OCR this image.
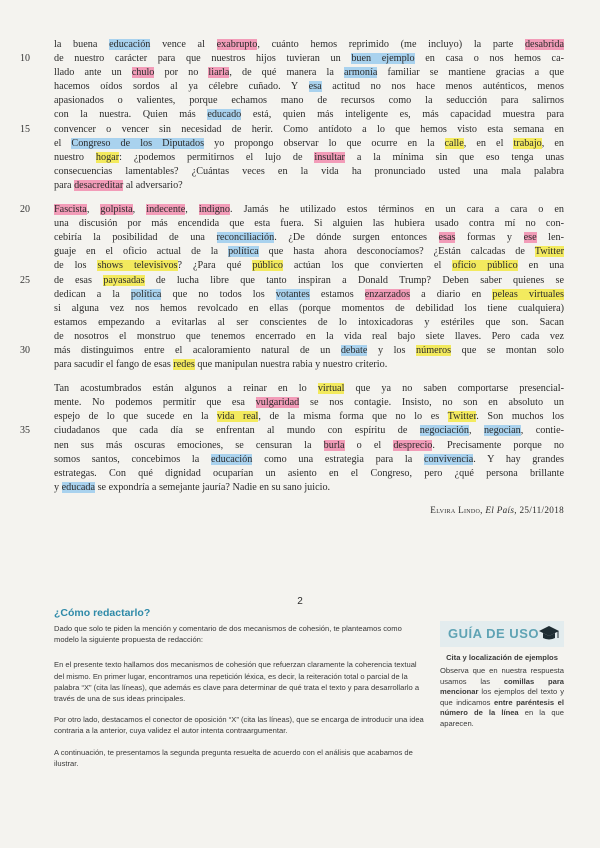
la buena educación vence al exabrupto, cuánto hemos reprimido (me incluyo) la parte desabrida
10	de nuestro carácter para que nuestros hijos tuvieran un buen ejemplo en casa o nos hemos ca-
llado ante un chulo por no liarla, de qué manera la armonía familiar se mantiene gracias a que
hacemos oídos sordos al ya célebre cuñado. Y esa actitud no nos hace menos auténticos, menos
apasionados o valientes, porque echamos mano de recursos como la seducción para salirnos
con la nuestra. Quien más educado está, quien más inteligente es, más capacidad muestra para
15	convencer o vencer sin necesidad de herir. Como antídoto a lo que hemos visto esta semana en
el Congreso de los Diputados yo propongo observar lo que ocurre en la calle, en el trabajo, en
nuestro hogar: ¿podemos permitirnos el lujo de insultar a la mínima sin que eso tenga unas
consecuencias lamentables? ¿Cuántas veces en la vida ha pronunciado usted una mala palabra
para desacreditar al adversario?
20	Fascista, golpista, indecente, indigno. Jamás he utilizado estos términos en un cara a cara o en
una discusión por más encendida que esta fuera. Si alguien las hubiera usado contra mí no con-
cebiría la posibilidad de una reconciliación. ¿De dónde surgen entonces esas formas y ese len-
guaje en el oficio actual de la política que hasta ahora desconocíamos? ¿Están calcadas de Twitter
de los shows televisivos? ¿Para qué público actúan los que convierten el oficio público en una
25	de esas payasadas de lucha libre que tanto inspiran a Donald Trump? Deben saber quienes se
dedican a la política que no todos los votantes estamos enzarzados a diario en peleas virtuales
si alguna vez nos hemos revolcado en ellas (porque momentos de debilidad los tiene cualquiera)
estamos empezando a evitarlas al ser conscientes de lo intoxicadoras y estériles que son. Sacan
de nosotros el monstruo que tenemos encerrado en la vida real bajo siete llaves. Pero cada vez
30	más distinguimos entre el acaloramiento natural de un debate y los números que se montan solo
para sacudir el fango de esas redes que manipulan nuestra rabia y nuestro criterio.
Tan acostumbrados están algunos a reinar en lo virtual que ya no saben comportarse presencial-
mente. No podemos permitir que esa vulgaridad se nos contagie. Insisto, no son en absoluto un
espejo de lo que sucede en la vida real, de la misma forma que no lo es Twitter. Son muchos los
35	ciudadanos que cada día se enfrentan al mundo con espíritu de negociación, negocian, contie-
nen sus más oscuras emociones, se censuran la burla o el desprecio. Precisamente porque no
somos santos, concebimos la educación como una estrategia para la convivencia. Y hay grandes
estrategas. Con qué dignidad ocuparían un asiento en el Congreso, pero ¿qué persona brillante
y educada se expondría a semejante jauría? Nadie en su sano juicio.
Elvira Lindo, El País, 25/11/2018
2
¿Cómo redactarlo?

Dado que solo te piden la mención y comentario de dos mecanismos de cohesión, te planteamos como modelo la siguiente propuesta de redacción:

En el presente texto hallamos dos mecanismos de cohesión que refuerzan claramente la coherencia textual del mismo. En primer lugar, encontramos una repetición léxica, es decir, la reiteración total o parcial de la palabra “X” (cita las líneas), que además es clave para determinar de qué trata el texto y para desarrollarlo a través de una de sus ideas principales.

Por otro lado, destacamos el conector de oposición “X” (cita las líneas), que se encarga de introducir una idea contraria a la anterior, cuya validez el autor intenta contraargumentar.

A continuación, te presentamos la segunda pregunta resuelta de acuerdo con el análisis que acabamos de ilustrar.

GUÍA DE USO
Cita y localización de ejemplos
Observa que en nuestra respuesta usamos las comillas para mencionar los ejemplos del texto y que indicamos entre paréntesis el número de la línea en la que aparecen.
